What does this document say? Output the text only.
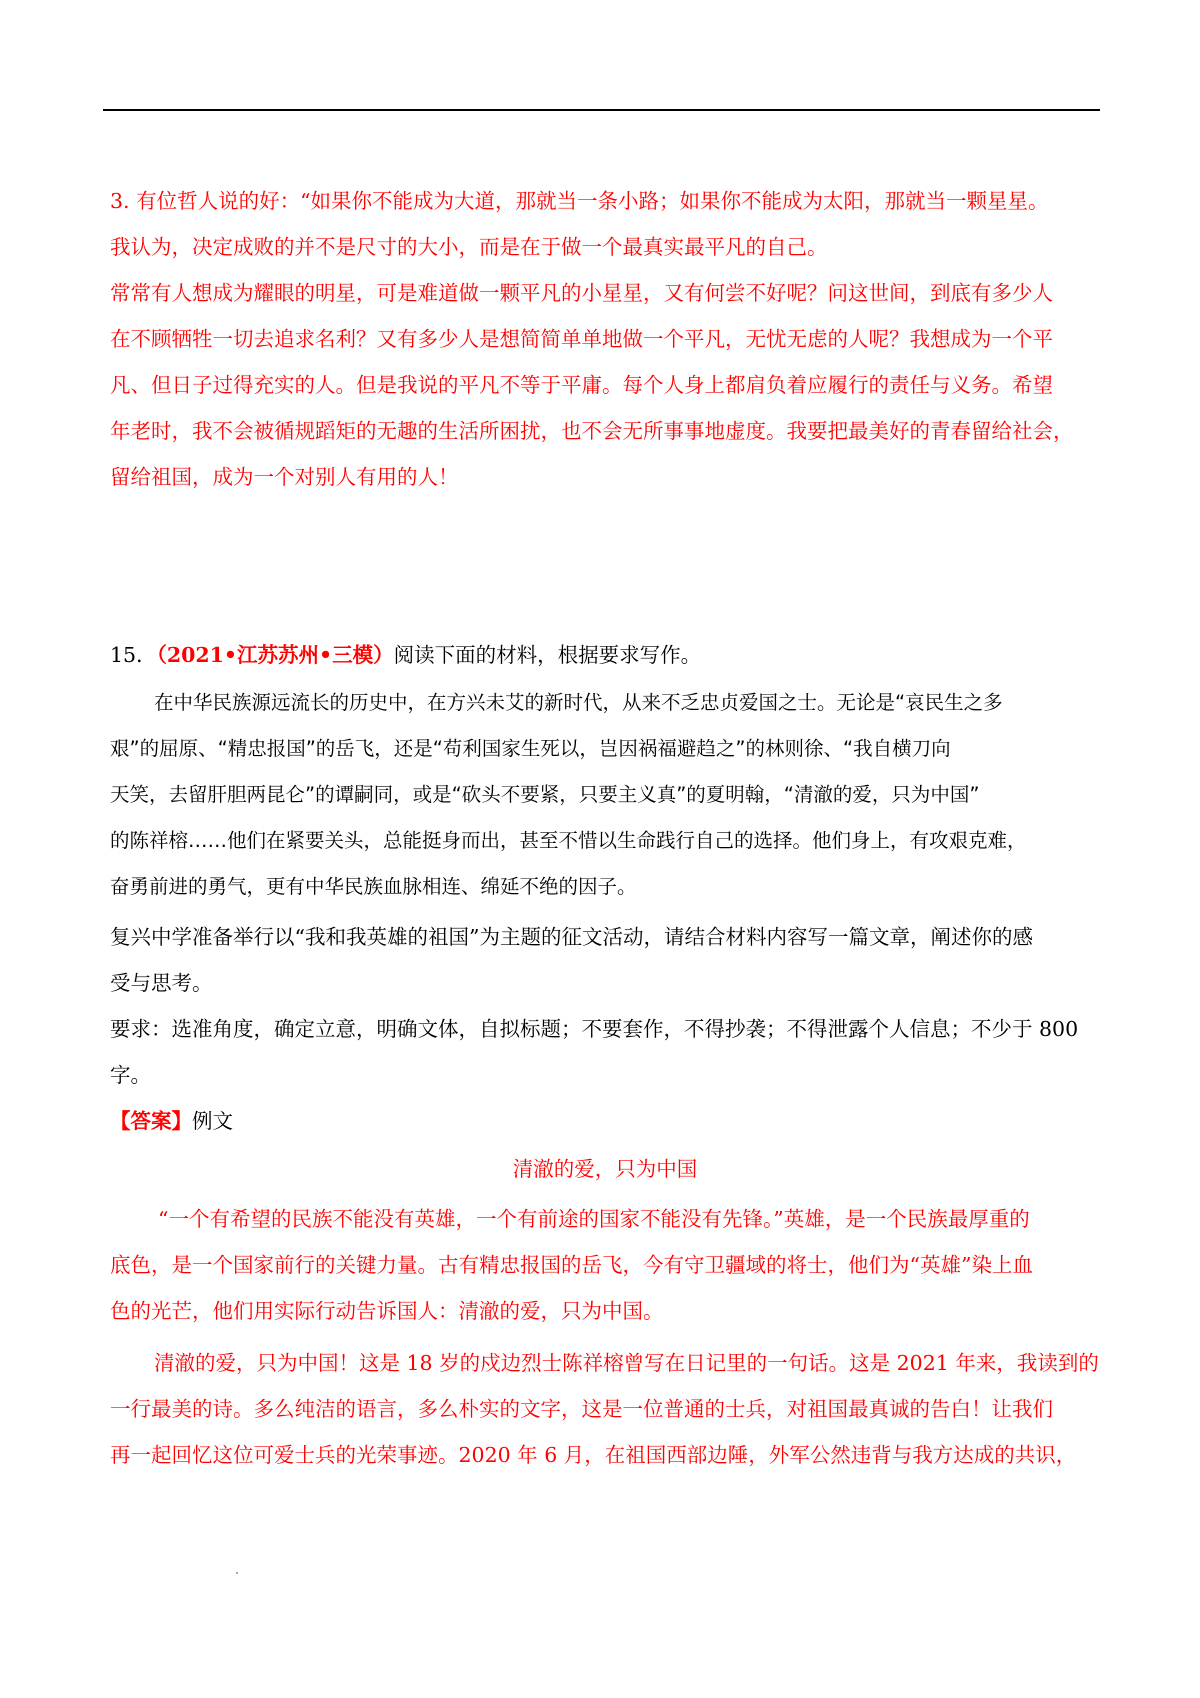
3. 有位哲人说的好：“如果你不能成为大道，那就当一条小路；如果你不能成为太阳，那就当一颗星星。
我认为，决定成败的并不是尺寸的大小，而是在于做一个最真实最平凡的自己。
常常有人想成为耀眼的明星，可是难道做一颗平凡的小星星，又有何尝不好呢？问这世间，到底有多少人
在不顾牺牲一切去追求名利？又有多少人是想简简单单地做一个平凡，无忧无虑的人呢？我想成为一个平
凡、但日子过得充实的人。但是我说的平凡不等于平庸。每个人身上都肩负着应履行的责任与义务。希望
年老时，我不会被循规蹈矩的无趣的生活所困扰，也不会无所事事地虚度。我要把最美好的青春留给社会，
留给祖国，成为一个对别人有用的人！
15．（2021•江苏苏州•三模）阅读下面的材料，根据要求写作。
在中华民族源远流长的历史中，在方兴未艾的新时代，从来不乏忠贞爱国之士。无论是“哀民生之多
艰”的屈原、“精忠报国”的岳飞，还是“苟利国家生死以，岂因祸福避趋之”的林则徐、“我自横刀向
天笑，去留肝胆两昆仑”的谭嗣同，或是“砍头不要紧，只要主义真”的夏明翰，“清澈的爱，只为中国”
的陈祥榕……他们在紧要关头，总能挺身而出，甚至不惜以生命践行自己的选择。他们身上，有攻艰克难，
奋勇前进的勇气，更有中华民族血脉相连、绵延不绝的因子。
复兴中学准备举行以“我和我英雄的祖国”为主题的征文活动，请结合材料内容写一篇文章，阐述你的感
受与思考。
要求：选准角度，确定立意，明确文体，自拟标题；不要套作，不得抄袭；不得泄露个人信息；不少于 800
字。
【答案】例文
清澈的爱，只为中国
“一个有希望的民族不能没有英雄，一个有前途的国家不能没有先锋。”英雄，是一个民族最厚重的
底色，是一个国家前行的关键力量。古有精忠报国的岳飞，今有守卫疆域的将士，他们为“英雄”染上血
色的光芒，他们用实际行动告诉国人：清澈的爱，只为中国。
清澈的爱，只为中国！这是 18 岁的戍边烈士陈祥榕曾写在日记里的一句话。这是 2021 年来，我读到的
一行最美的诗。多么纯洁的语言，多么朴实的文字，这是一位普通的士兵，对祖国最真诚的告白！让我们
再一起回忆这位可爱士兵的光荣事迹。2020 年 6 月，在祖国西部边陲，外军公然违背与我方达成的共识，
